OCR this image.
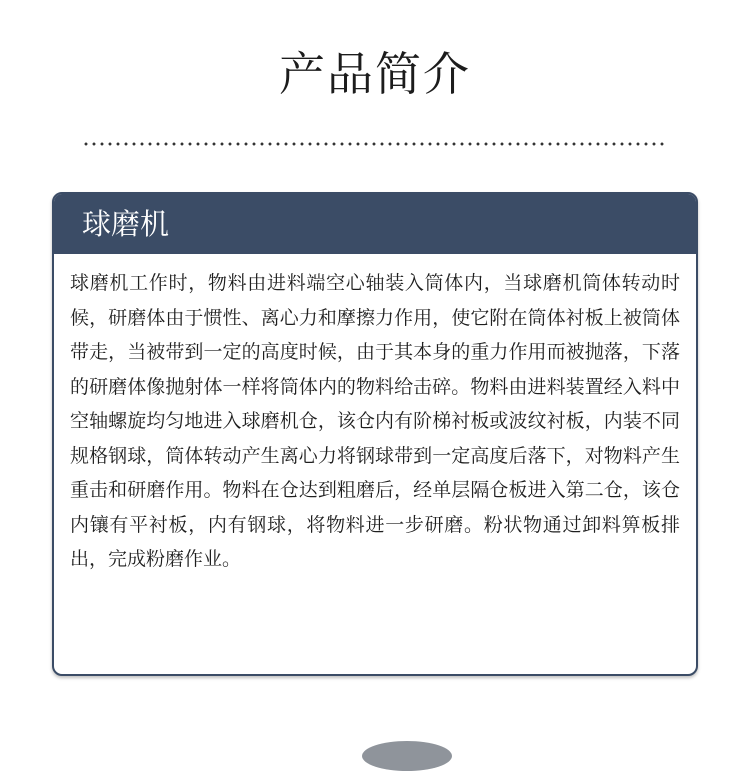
产品简介
球磨机
球磨机工作时，物料由进料端空心轴装入筒体内，当球磨机筒体转动时候，研磨体由于惯性、离心力和摩擦力作用，使它附在筒体衬板上被筒体带走，当被带到一定的高度时候，由于其本身的重力作用而被抛落，下落的研磨体像抛射体一样将筒体内的物料给击碎。物料由进料装置经入料中空轴螺旋均匀地进入球磨机仓，该仓内有阶梯衬板或波纹衬板，内装不同规格钢球，筒体转动产生离心力将钢球带到一定高度后落下，对物料产生重击和研磨作用。物料在仓达到粗磨后，经单层隔仓板进入第二仓，该仓内镶有平衬板，内有钢球，将物料进一步研磨。粉状物通过卸料箅板排出，完成粉磨作业。
